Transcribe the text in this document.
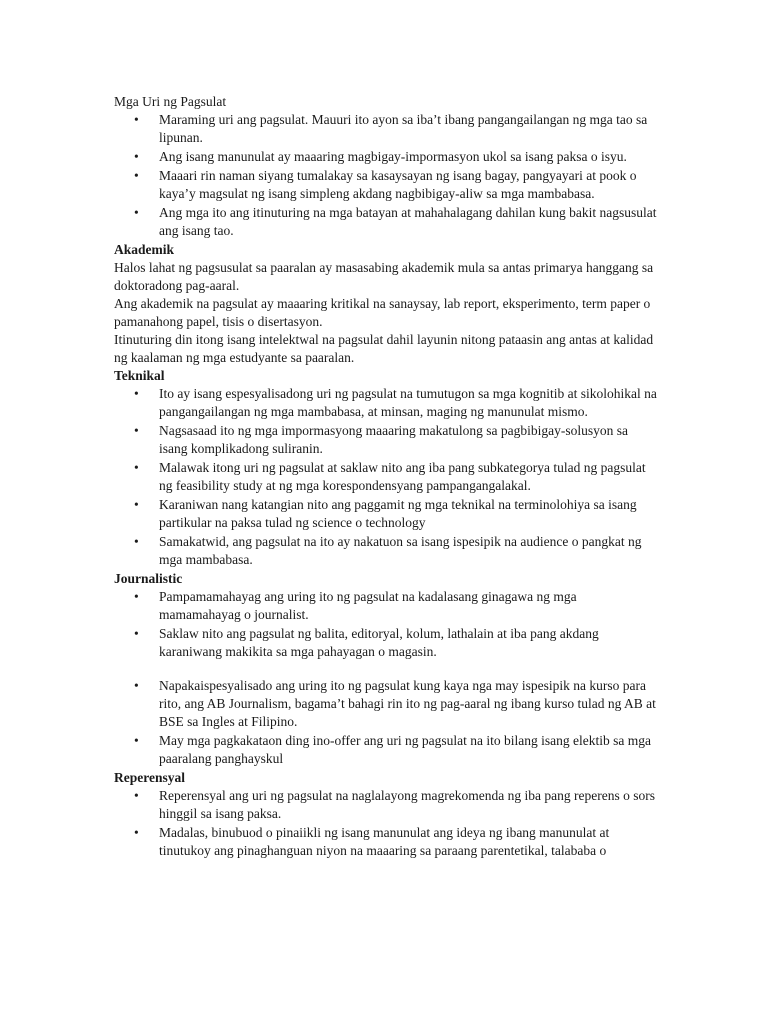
Mga Uri ng Pagsulat

• Maraming uri ang pagsulat. Mauuri ito ayon sa iba’t ibang pangangailangan ng mga tao sa lipunan.
• Ang isang manunulat ay maaaring magbigay-impormasyon ukol sa isang paksa o isyu.
• Maaari rin naman siyang tumalakay sa kasaysayan ng isang bagay, pangyayari at pook o kaya’y magsulat ng isang simpleng akdang nagbibigay-aliw sa mga mambabasa.
• Ang mga ito ang itinuturing na mga batayan at mahahalagang dahilan kung bakit nagsusulat ang isang tao.

Akademik

Halos lahat ng pagsusulat sa paaralan ay masasabing akademik mula sa antas primarya hanggang sa doktoradong pag-aaral.

Ang akademik na pagsulat ay maaaring kritikal na sanaysay, lab report, eksperimento, term paper o pamanahong papel, tisis o disertasyon.

Itinuturing din itong isang intelektwal na pagsulat dahil layunin nitong pataasin ang antas at kalidad ng kaalaman ng mga estudyante sa paaralan.

Teknikal

• Ito ay isang espesyalisadong uri ng pagsulat na tumutugon sa mga kognitib at sikolohikal na pangangailangan ng mga mambabasa, at minsan, maging ng manunulat mismo.
• Nagsasaad ito ng mga impormasyong maaaring makatulong sa pagbibigay-solusyon sa isang komplikadong suliranin.
• Malawak itong uri ng pagsulat at saklaw nito ang iba pang subkategorya tulad ng pagsulat ng feasibility study at ng mga korespondensyang pampangangalakal.
• Karaniwan nang katangian nito ang paggamit ng mga teknikal na terminolohiya sa isang partikular na paksa tulad ng science o technology
• Samakatwid, ang pagsulat na ito ay nakatuon sa isang ispesipik na audience o pangkat ng mga mambabasa.

Journalistic

• Pampamamahayag ang uring ito ng pagsulat na kadalasang ginagawa ng mga mamamahayag o journalist.
• Saklaw nito ang pagsulat ng balita, editoryal, kolum, lathalain at iba pang akdang karaniwang makikita sa mga pahayagan o magasin.
• Napakaispesyalisado ang uring ito ng pagsulat kung kaya nga may ispesipik na kurso para rito, ang AB Journalism, bagama’t bahagi rin ito ng pag-aaral ng ibang kurso tulad ng AB at BSE sa Ingles at Filipino.
• May mga pagkakataon ding ino-offer ang uri ng pagsulat na ito bilang isang elektib sa mga paaralang panghayskul

Reperensyal

• Reperensyal ang uri ng pagsulat na naglalayong magrekomenda ng iba pang reperens o sors hinggil sa isang paksa.
• Madalas, binubuod o pinaiikli ng isang manunulat ang ideya ng ibang manunulat at tinutukoy ang pinaghanguan niyon na maaaring sa paraang parentetikal, talababa o
